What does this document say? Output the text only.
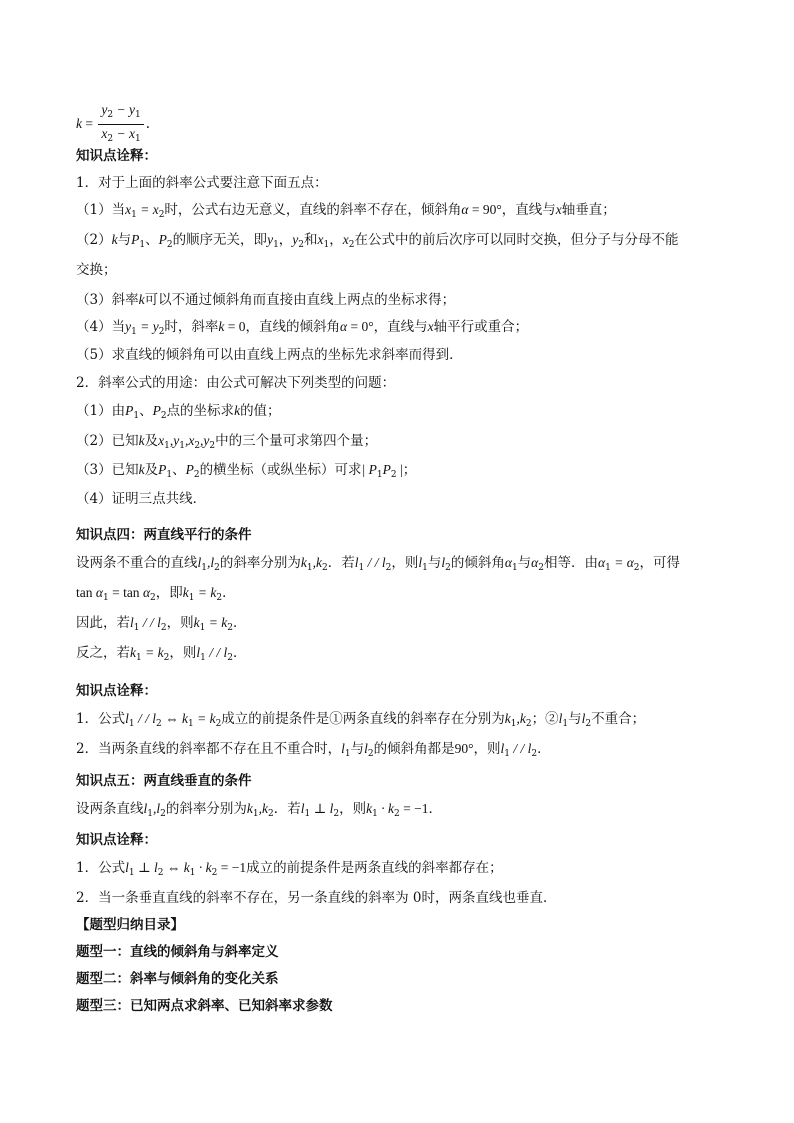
$k = \frac{y_2 - y_1}{x_2 - x_1}$ .
知识点诠释：
1．对于上面的斜率公式要注意下面五点：
（1）当$x_1 = x_2$时，公式右边无意义，直线的斜率不存在，倾斜角α = 90°，直线与x轴垂直；
（2）k与$P_1$、$P_2$的顺序无关，即$y_1$，$y_2$和$x_1$，$x_2$在公式中的前后次序可以同时交换，但分子与分母不能
交换；
（3）斜率k可以不通过倾斜角而直接由直线上两点的坐标求得；
（4）当$y_1 = y_2$时，斜率k = 0，直线的倾斜角α = 0°，直线与x轴平行或重合；
（5）求直线的倾斜角可以由直线上两点的坐标先求斜率而得到．
2．斜率公式的用途：由公式可解决下列类型的问题：
（1）由$P_1$、$P_2$点的坐标求k的值；
（2）已知k及$x_1,y_1,x_2,y_2$中的三个量可求第四个量；
（3）已知k及$P_1$、$P_2$的横坐标（或纵坐标）可求| $P_1P_2$ |；
（4）证明三点共线．
知识点四：两直线平行的条件
设两条不重合的直线$l_1,l_2$的斜率分别为$k_1,k_2$．若$l_1$ / / $l_2$，则$l_1$与$l_2$的倾斜角$\alpha_1$与$\alpha_2$相等．由$\alpha_1 = \alpha_2$，可得
$\tan \alpha_1 = \tan \alpha_2$，即$k_1 = k_2$．
因此，若$l_1$ / / $l_2$，则$k_1 = k_2$．
反之，若$k_1 = k_2$，则$l_1$ / / $l_2$．
知识点诠释：
1．公式$l_1$ / / $l_2$ ⇔ $k_1 = k_2$成立的前提条件是①两条直线的斜率存在分别为$k_1,k_2$；$②l_1$与$l_2$不重合；
2．当两条直线的斜率都不存在且不重合时，$l_1$与$l_2$的倾斜角都是90°，则$l_1$ / / $l_2$．
知识点五：两直线垂直的条件
设两条直线$l_1,l_2$的斜率分别为$k_1,k_2$．若$l_1$ ⊥ $l_2$，则$k_1 \cdot k_2 = -1$．
知识点诠释：
1．公式$l_1$ ⊥ $l_2$ ⇔ $k_1 \cdot k_2 = -1$成立的前提条件是两条直线的斜率都存在；
2．当一条垂直直线的斜率不存在，另一条直线的斜率为 0时，两条直线也垂直．
【题型归纳目录】
题型一：直线的倾斜角与斜率定义
题型二：斜率与倾斜角的变化关系
题型三：已知两点求斜率、已知斜率求参数
